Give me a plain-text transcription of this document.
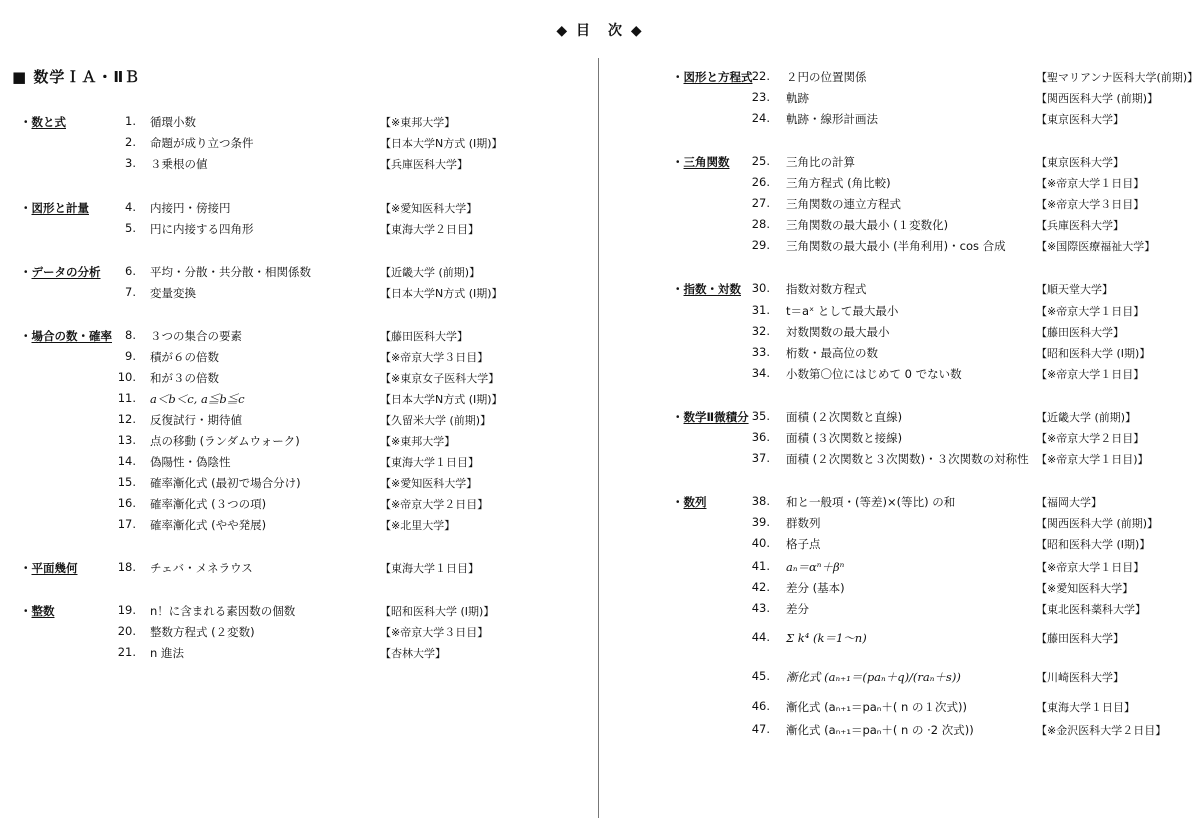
◆ 目　次 ◆
■ 数学ＩＡ・ⅡＢ
・数と式	1. 循環小数	【※東邦大学】
2. 命題が成り立つ条件	【日本大学N方式 (Ⅰ期)】
3. ３乗根の値	【兵庫医科大学】
・図形と計量	4. 内接円・傍接円	【※愛知医科大学】
5. 円に内接する四角形	【東海大学２日目】
・データの分析	6. 平均・分散・共分散・相関係数	【近畿大学 (前期)】
7. 変量変換	【日本大学N方式 (Ⅰ期)】
・場合の数・確率	8. ３つの集合の要素	【藤田医科大学】
9. 積が６の倍数	【※帝京大学３日目】
10. 和が３の倍数	【※東京女子医科大学】
11. a＜b＜c, a≦b≦c	【日本大学N方式 (Ⅰ期)】
12. 反復試行・期待値	【久留米大学 (前期)】
13. 点の移動 (ランダムウォーク)	【※東邦大学】
14. 偽陽性・偽陰性	【東海大学１日目】
15. 確率漸化式 (最初で場合分け)	【※愛知医科大学】
16. 確率漸化式 (３つの項)	【※帝京大学２日目】
17. 確率漸化式 (やや発展)	【※北里大学】
・平面幾何	18. チェバ・メネラウス	【東海大学１日目】
・整数	19. n！に含まれる素因数の個数	【昭和医科大学 (Ⅰ期)】
20. 整数方程式 (２変数)	【※帝京大学３日目】
21. n 進法	【杏林大学】
・図形と方程式 22. ２円の位置関係	【聖マリアンナ医科大学(前期)】
23. 軌跡	【関西医科大学 (前期)】
24. 軌跡・線形計画法	【東京医科大学】
・三角関数	25. 三角比の計算	【東京医科大学】
26. 三角方程式 (角比較)	【※帝京大学１日目】
27. 三角関数の連立方程式	【※帝京大学３日目】
28. 三角関数の最大最小 (１変数化)	【兵庫医科大学】
29. 三角関数の最大最小 (半角利用)・cos 合成	【※国際医療福祉大学】
・指数・対数 30. 指数対数方程式	【順天堂大学】
31. t＝aˣ として最大最小	【※帝京大学１日目】
32. 対数関数の最大最小	【藤田医科大学】
33. 桁数・最高位の数	【昭和医科大学 (Ⅰ期)】
34. 小数第〇位にはじめて 0 でない数	【※帝京大学１日目】
・数学Ⅱ微積分 35. 面積 (２次関数と直線)	【近畿大学 (前期)】
36. 面積 (３次関数と接線)	【※帝京大学２日目】
37. 面積 (２次関数と３次関数)・３次関数の対称性 【※帝京大学１日目)】
・数列	38. 和と一般項・(等差)×(等比) の和	【福岡大学】
39. 群数列	【関西医科大学 (前期)】
40. 格子点	【昭和医科大学 (Ⅰ期)】
41. aₙ＝αⁿ＋βⁿ	【※帝京大学１日目】
42. 差分 (基本)	【※愛知医科大学】
43. 差分	【東北医科薬科大学】
44. Σ k⁴ (k＝1～n)	【藤田医科大学】
45. 漸化式 (aₙ₊₁＝(paₙ＋q)/(raₙ＋s))	【川崎医科大学】
46. 漸化式 (aₙ₊₁＝paₙ＋( n の１次式))	【東海大学１日目】
47. 漸化式 (aₙ₊₁＝paₙ＋( n の ·2 次式))	【※金沢医科大学２日目】
